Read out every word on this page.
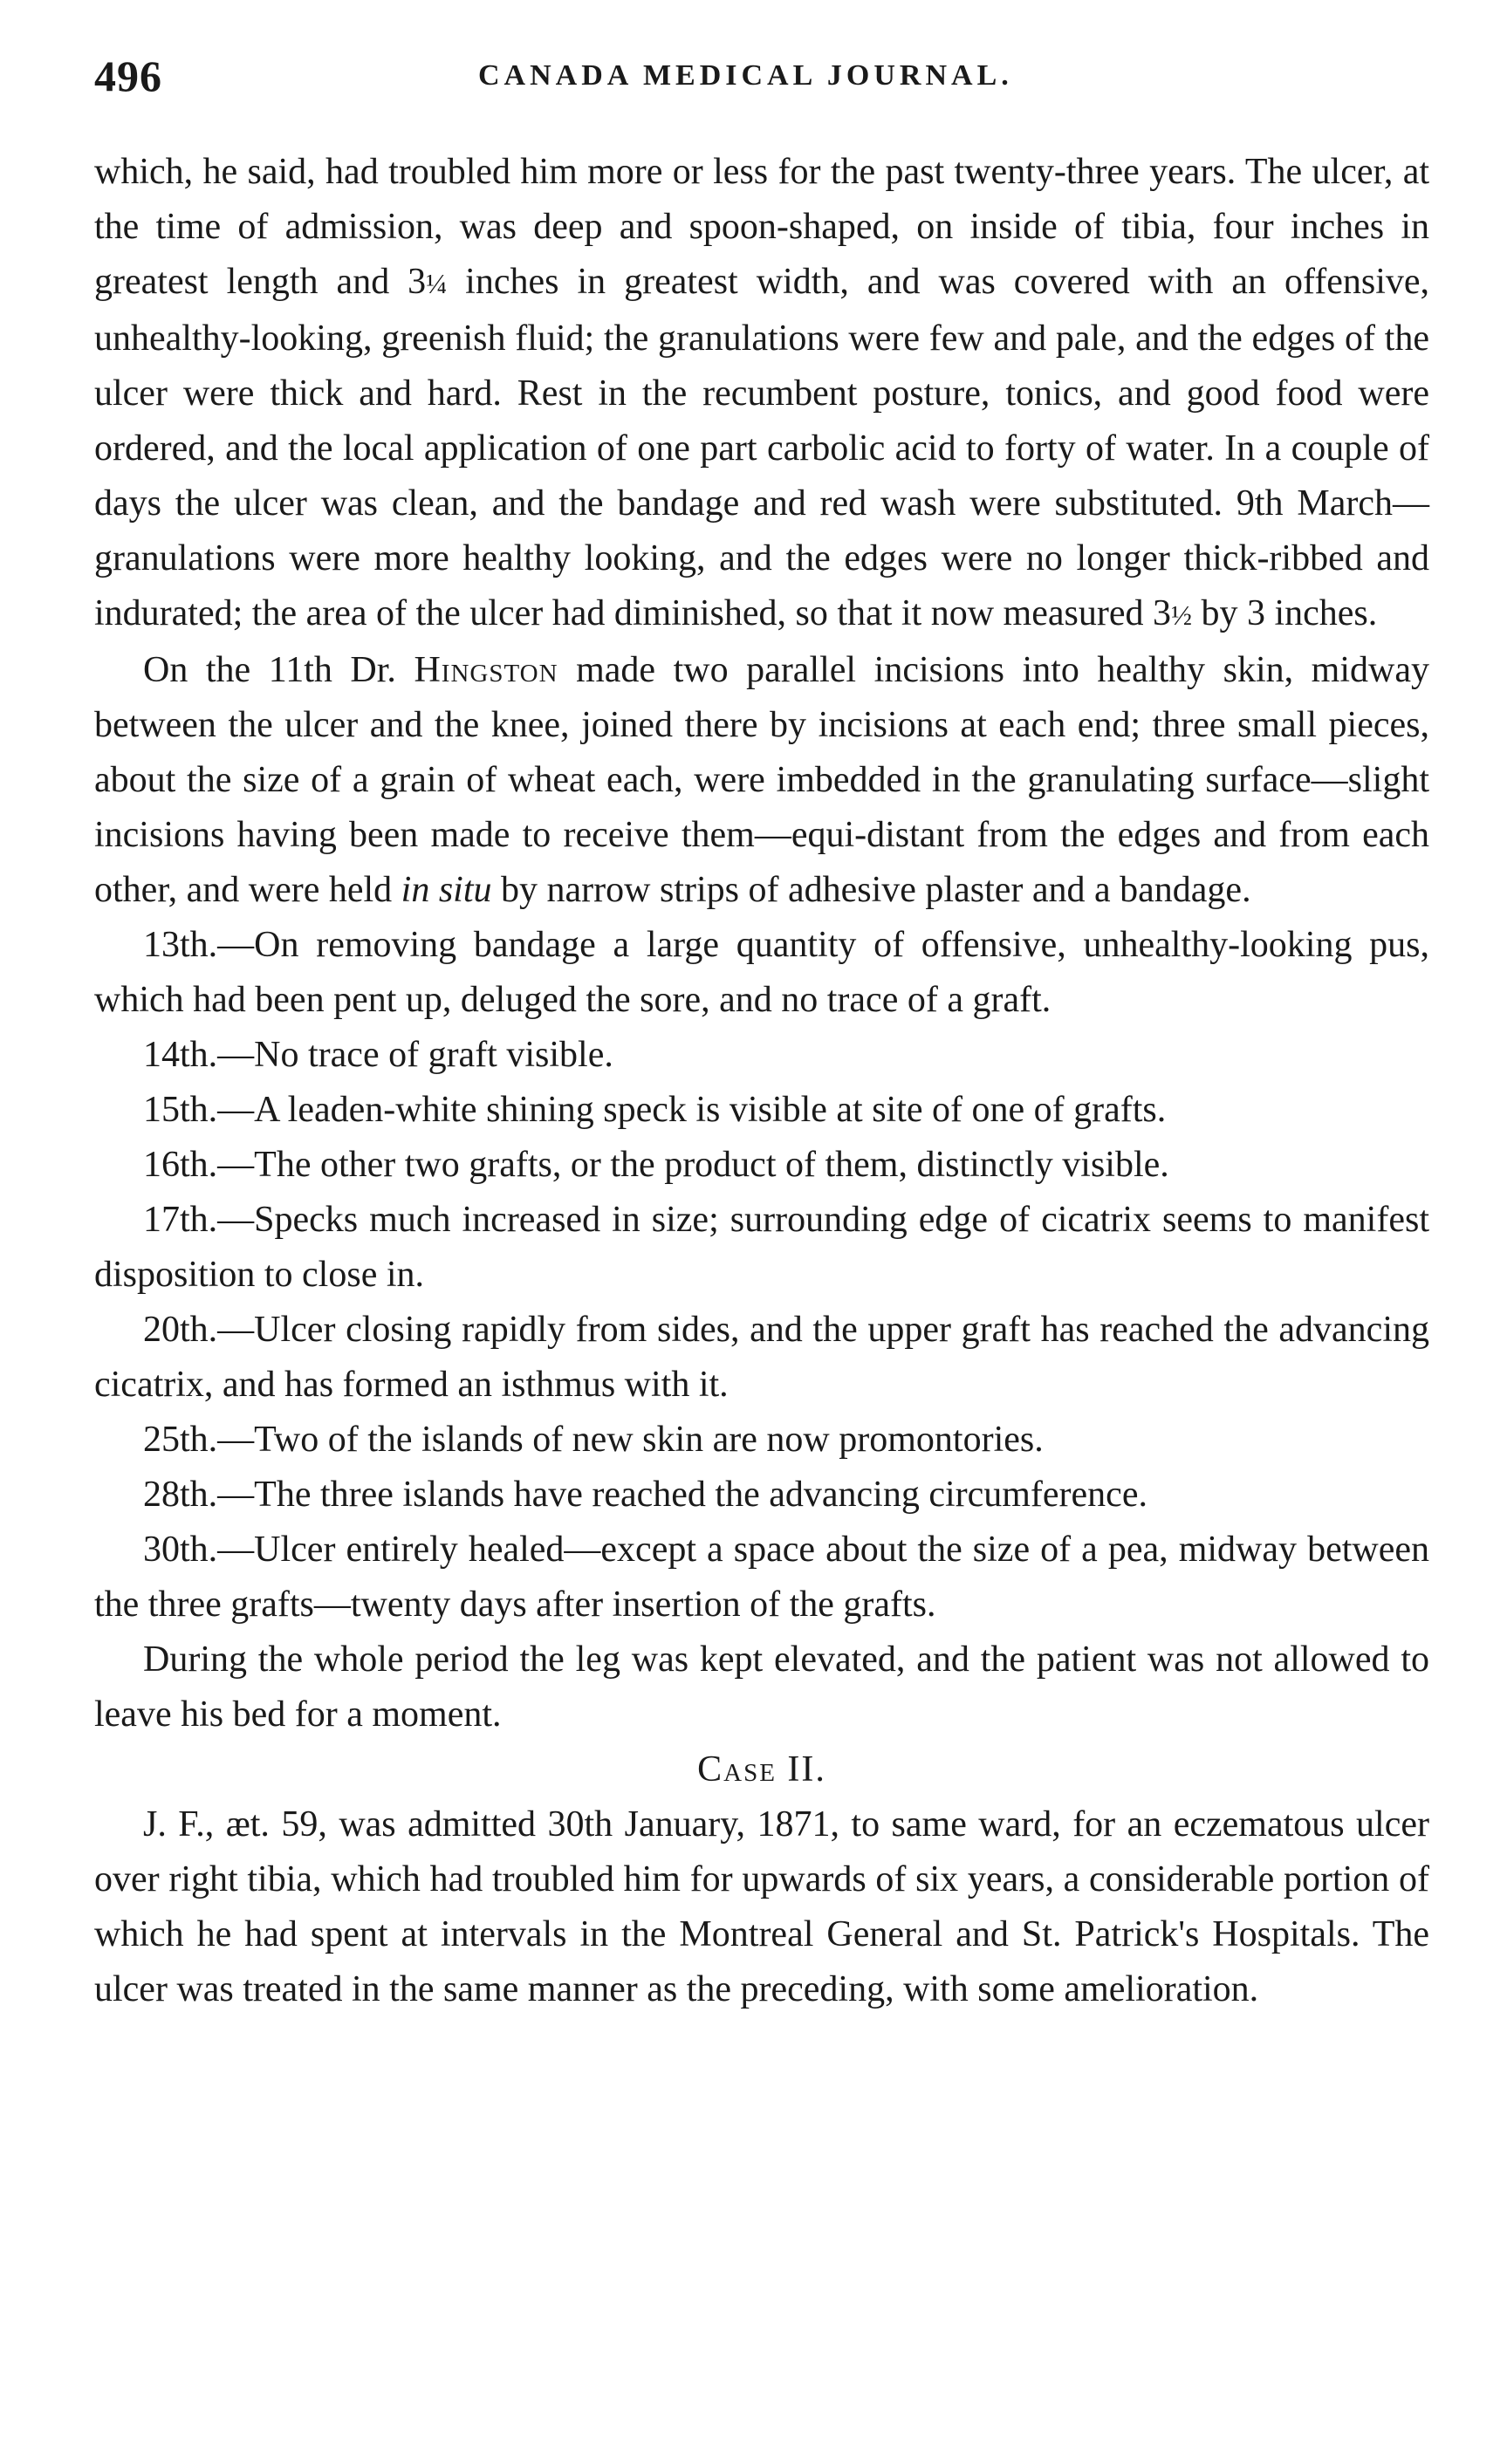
496	CANADA MEDICAL JOURNAL.

which, he said, had troubled him more or less for the past twenty-three years. The ulcer, at the time of admission, was deep and spoon-shaped, on inside of tibia, four inches in greatest length and 3¼ inches in greatest width, and was covered with an offensive, unhealthy-looking, greenish fluid; the granulations were few and pale, and the edges of the ulcer were thick and hard. Rest in the recumbent posture, tonics, and good food were ordered, and the local application of one part carbolic acid to forty of water. In a couple of days the ulcer was clean, and the bandage and red wash were substituted. 9th March—granulations were more healthy looking, and the edges were no longer thick-ribbed and indurated; the area of the ulcer had diminished, so that it now measured 3½ by 3 inches.

On the 11th Dr. Hingston made two parallel incisions into healthy skin, midway between the ulcer and the knee, joined there by incisions at each end; three small pieces, about the size of a grain of wheat each, were imbedded in the granulating surface—slight incisions having been made to receive them—equi-distant from the edges and from each other, and were held in situ by narrow strips of adhesive plaster and a bandage.

13th.—On removing bandage a large quantity of offensive, unhealthy-looking pus, which had been pent up, deluged the sore, and no trace of a graft.

14th.—No trace of graft visible.

15th.—A leaden-white shining speck is visible at site of one of grafts.

16th.—The other two grafts, or the product of them, distinctly visible.

17th.—Specks much increased in size; surrounding edge of cicatrix seems to manifest disposition to close in.

20th.—Ulcer closing rapidly from sides, and the upper graft has reached the advancing cicatrix, and has formed an isthmus with it.

25th.—Two of the islands of new skin are now promontories.

28th.—The three islands have reached the advancing circumference.

30th.—Ulcer entirely healed—except a space about the size of a pea, midway between the three grafts—twenty days after insertion of the grafts.

During the whole period the leg was kept elevated, and the patient was not allowed to leave his bed for a moment.

Case II.

J. F., æt. 59, was admitted 30th January, 1871, to same ward, for an eczematous ulcer over right tibia, which had troubled him for upwards of six years, a considerable portion of which he had spent at intervals in the Montreal General and St. Patrick's Hospitals. The ulcer was treated in the same manner as the preceding, with some amelioration.
